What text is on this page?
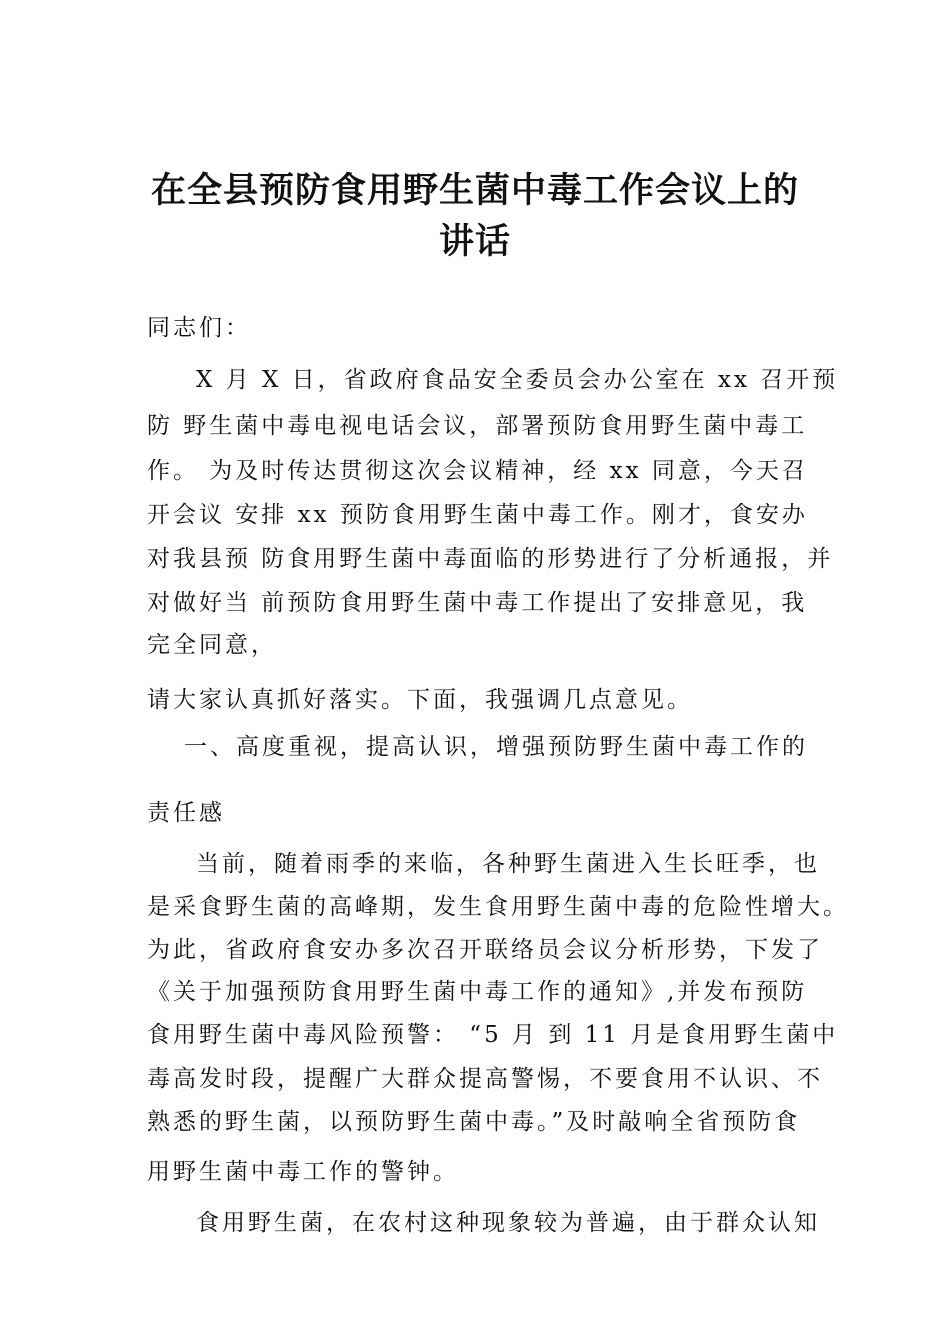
在全县预防食用野生菌中毒工作会议上的
讲话
同志们：
X 月 X 日，省政府食品安全委员会办公室在 xx 召开预
防 野生菌中毒电视电话会议，部署预防食用野生菌中毒工
作。 为及时传达贯彻这次会议精神，经 xx 同意，今天召
开会议 安排 xx 预防食用野生菌中毒工作。刚才，食安办
对我县预 防食用野生菌中毒面临的形势进行了分析通报，并
对做好当 前预防食用野生菌中毒工作提出了安排意见，我
完全同意，
请大家认真抓好落实。下面，我强调几点意见。
一、高度重视，提高认识，增强预防野生菌中毒工作的
责任感
当前，随着雨季的来临，各种野生菌进入生长旺季，也
是采食野生菌的高峰期，发生食用野生菌中毒的危险性增大。
为此，省政府食安办多次召开联络员会议分析形势，下发了
《关于加强预防食用野生菌中毒工作的通知》,并发布预防
食用野生菌中毒风险预警： “5 月 到 11 月是食用野生菌中
毒高发时段，提醒广大群众提高警惕，不要食用不认识、不
熟悉的野生菌，以预防野生菌中毒。”及时敲响全省预防食
用野生菌中毒工作的警钟。
食用野生菌，在农村这种现象较为普遍，由于群众认知
